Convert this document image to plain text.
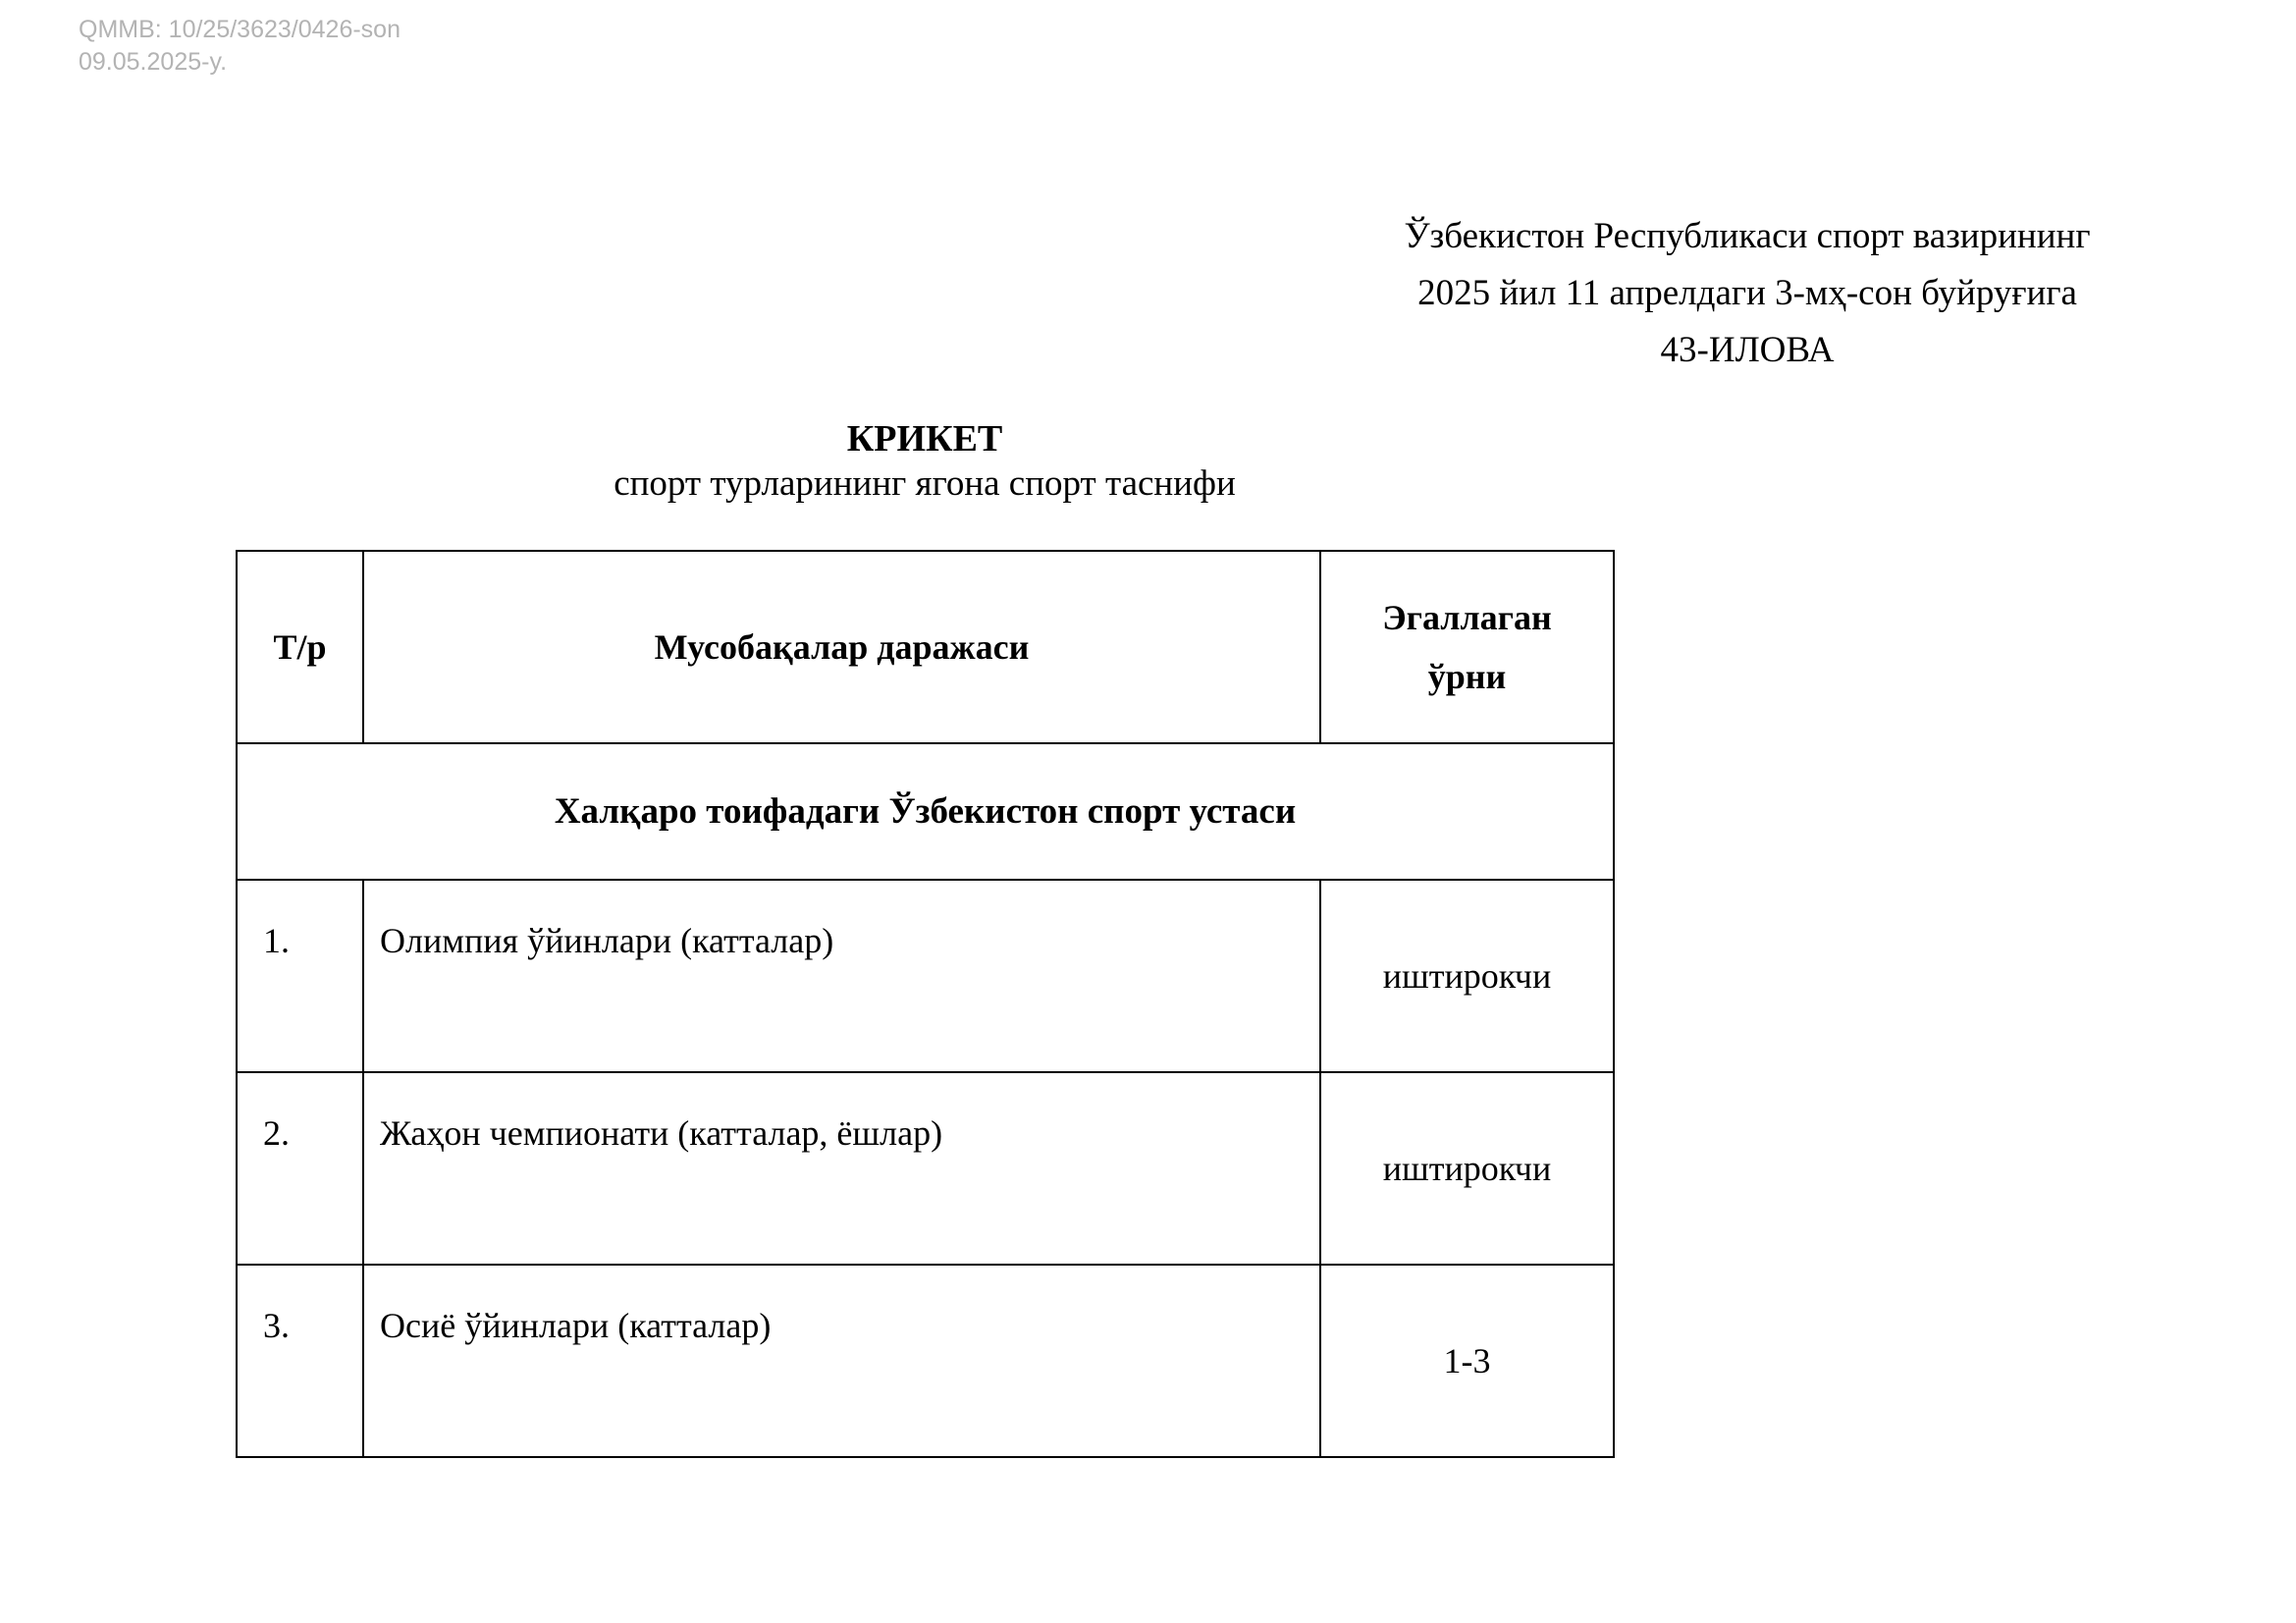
QMMB: 10/25/3623/0426-son
09.05.2025-y.
Ўзбекистон Республикаси спорт вазирининг
2025 йил 11 апрелдаги 3-мҳ-сон буйруғига
43-ИЛОВА
КРИКЕТ
спорт турларининг ягона спорт таснифи
Т/р	Мусобақалар даражаси	Эгаллаган
ўрни

Халқаро тоифадаги Ўзбекистон спорт устаси		
1.	Олимпия ўйинлари (катталар)	иштирокчи
2.	Жаҳон чемпионати (катталар, ёшлар)	иштирокчи
3.	Осиё ўйинлари (катталар)	1-3
